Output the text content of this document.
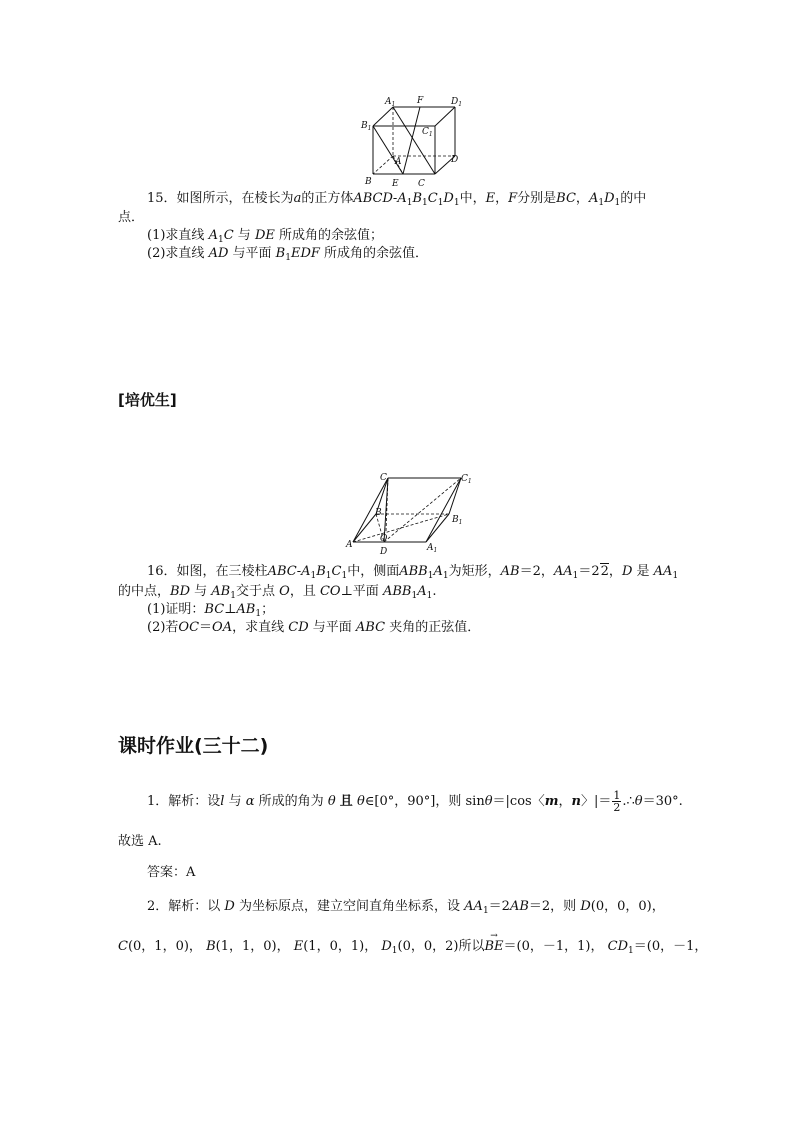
$A_1$ F	$D_1$
$B_1$	$C_1$
A	D
B E C
15．如图所示，在棱长为a的正方体ABCD-$A_1B_1C_1D_1$中，E，F分别是BC，$A_1D_1$的中
点．
(1)求直线 $A_1C$ 与 DE 所成角的余弦值；
(2)求直线 AD 与平面 $B_1EDF$ 所成角的余弦值．
[培优生]
C	$C_1$
B
$B_1$
A
O
D	$A_1$
16．如图，在三棱柱ABC-$A_1B_1C_1$中，侧面$ABB_1A_1$为矩形，AB＝2，$AA_1=22$，D 是 $AA_1$
的中点，BD 与 $AB_1$交于点 O，且 CO⊥平面 $ABB_1A_1$.
(1)证明：$BC\perp AB_1$；
(2)若OC＝OA，求直线 CD 与平面 ABC 夹角的正弦值．
课时作业(三十二)
1．解析：设l 与 α 所成的角为 θ 且 θ∈[0°，90°]，则 sinθ＝|cos〈m，n〉|＝ $\frac{1}{2}$ .∴θ＝30°.
故选 A.
答案：A
2．解析：以 D 为坐标原点，建立空间直角坐标系，设 $AA_1=2AB=2$，则 D(0，0，0)，
C(0，1，0)， B(1，1，0)， E(1，0，1)， $D_1(0$，0，2)所以
→
BE＝(0，－1，1)， $CD_1=(0$，－1，
